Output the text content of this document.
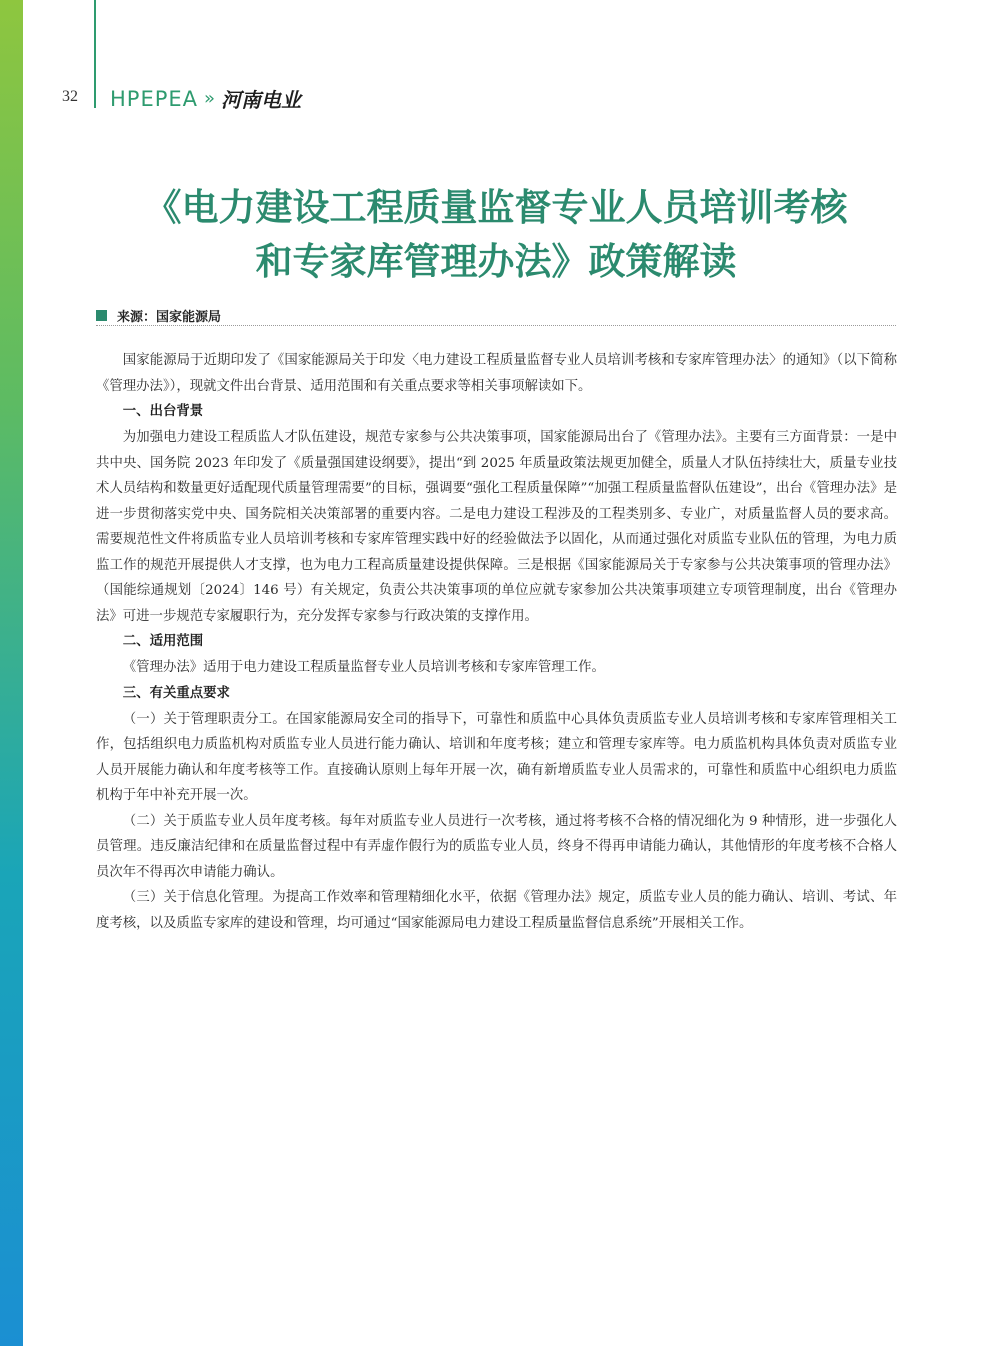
32 HPEPEA » 河南电业
《电力建设工程质量监督专业人员培训考核
和专家库管理办法》政策解读
来源：国家能源局

国家能源局于近期印发了《国家能源局关于印发〈电力建设工程质量监督专业人员培训考核和专家库管理办法〉的通知》（以下简称《管理办法》），现就文件出台背景、适用范围和有关重点要求等相关事项解读如下。

一、出台背景

为加强电力建设工程质监人才队伍建设，规范专家参与公共决策事项，国家能源局出台了《管理办法》。主要有三方面背景：一是中共中央、国务院 2023 年印发了《质量强国建设纲要》，提出“到 2025 年质量政策法规更加健全，质量人才队伍持续壮大，质量专业技术人员结构和数量更好适配现代质量管理需要”的目标，强调要“强化工程质量保障”“加强工程质量监督队伍建设”，出台《管理办法》是进一步贯彻落实党中央、国务院相关决策部署的重要内容。二是电力建设工程涉及的工程类别多、专业广，对质量监督人员的要求高。需要规范性文件将质监专业人员培训考核和专家库管理实践中好的经验做法予以固化，从而通过强化对质监专业队伍的管理，为电力质监工作的规范开展提供人才支撑，也为电力工程高质量建设提供保障。三是根据《国家能源局关于专家参与公共决策事项的管理办法》（国能综通规划〔2024〕146 号）有关规定，负责公共决策事项的单位应就专家参加公共决策事项建立专项管理制度，出台《管理办法》可进一步规范专家履职行为，充分发挥专家参与行政决策的支撑作用。

二、适用范围

《管理办法》适用于电力建设工程质量监督专业人员培训考核和专家库管理工作。

三、有关重点要求

（一）关于管理职责分工。在国家能源局安全司的指导下，可靠性和质监中心具体负责质监专业人员培训考核和专家库管理相关工作，包括组织电力质监机构对质监专业人员进行能力确认、培训和年度考核；建立和管理专家库等。电力质监机构具体负责对质监专业人员开展能力确认和年度考核等工作。直接确认原则上每年开展一次，确有新增质监专业人员需求的，可靠性和质监中心组织电力质监机构于年中补充开展一次。

（二）关于质监专业人员年度考核。每年对质监专业人员进行一次考核，通过将考核不合格的情况细化为 9 种情形，进一步强化人员管理。违反廉洁纪律和在质量监督过程中有弄虚作假行为的质监专业人员，终身不得再申请能力确认，其他情形的年度考核不合格人员次年不得再次申请能力确认。

（三）关于信息化管理。为提高工作效率和管理精细化水平，依据《管理办法》规定，质监专业人员的能力确认、培训、考试、年度考核，以及质监专家库的建设和管理，均可通过“国家能源局电力建设工程质量监督信息系统”开展相关工作。
